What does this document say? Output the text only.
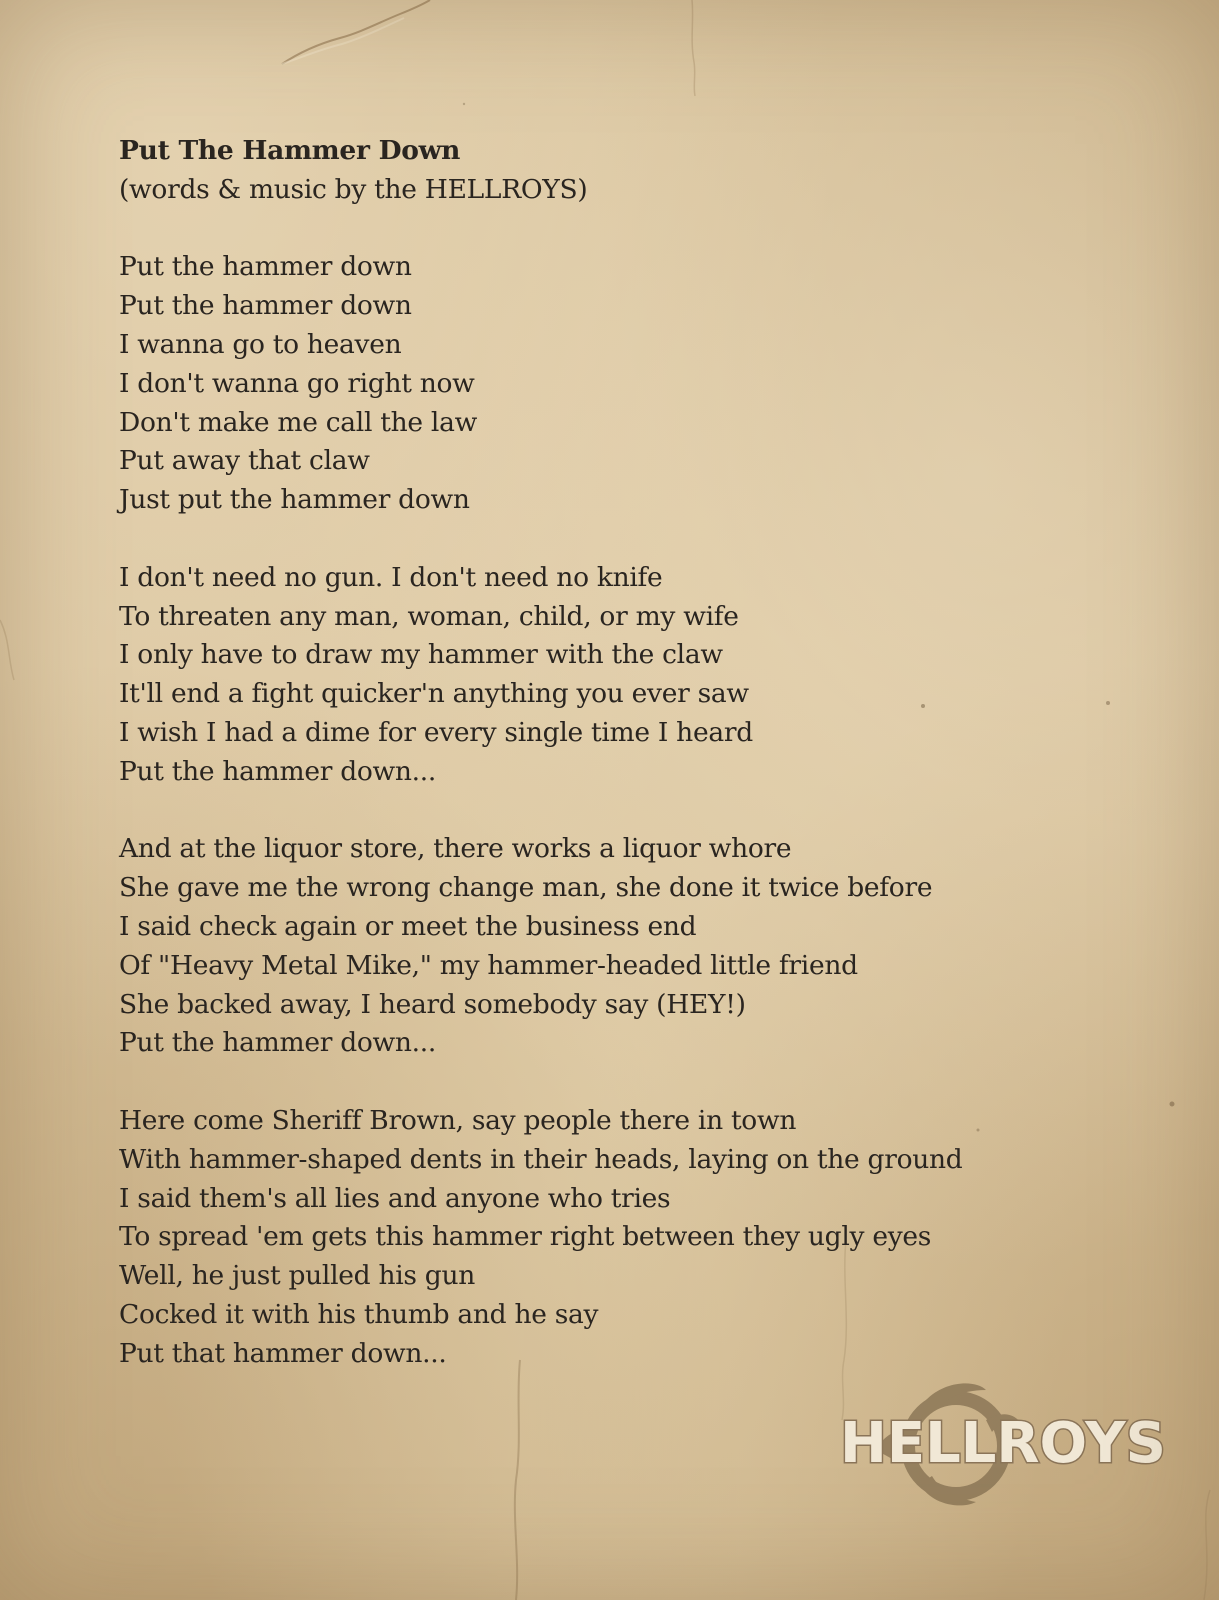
Put The Hammer Down
(words & music by the HELLROYS)
Put the hammer down
Put the hammer down
I wanna go to heaven
I don't wanna go right now
Don't make me call the law
Put away that claw
Just put the hammer down
I don't need no gun. I don't need no knife
To threaten any man, woman, child, or my wife
I only have to draw my hammer with the claw
It'll end a fight quicker'n anything you ever saw
I wish I had a dime for every single time I heard
Put the hammer down...
And at the liquor store, there works a liquor whore
She gave me the wrong change man, she done it twice before
I said check again or meet the business end
Of "Heavy Metal Mike," my hammer-headed little friend
She backed away, I heard somebody say (HEY!)
Put the hammer down...
Here come Sheriff Brown, say people there in town
With hammer-shaped dents in their heads, laying on the ground
I said them's all lies and anyone who tries
To spread 'em gets this hammer right between they ugly eyes
Well, he just pulled his gun
Cocked it with his thumb and he say
Put that hammer down...
HELLROYS
